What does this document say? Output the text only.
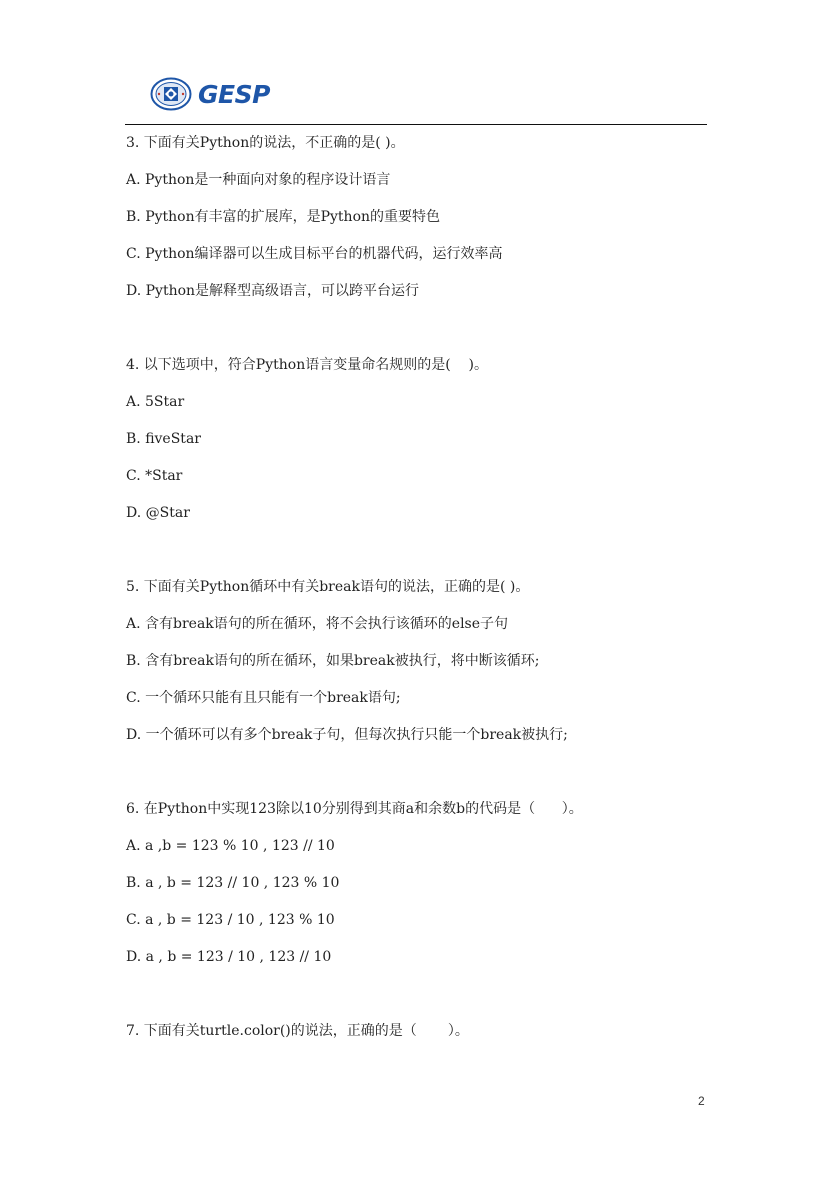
GESP
3. 下面有关Python的说法，不正确的是( )。
A. Python是一种面向对象的程序设计语言
B. Python有丰富的扩展库，是Python的重要特色
C. Python编译器可以生成目标平台的机器代码，运行效率高
D. Python是解释型高级语言，可以跨平台运行
4. 以下选项中，符合Python语言变量命名规则的是(    )。
A. 5Star
B. fiveStar
C. *Star
D. @Star
5. 下面有关Python循环中有关break语句的说法，正确的是( )。
A. 含有break语句的所在循环，将不会执行该循环的else子句
B. 含有break语句的所在循环，如果break被执行，将中断该循环;
C. 一个循环只能有且只能有一个break语句;
D. 一个循环可以有多个break子句，但每次执行只能一个break被执行;
6. 在Python中实现123除以10分别得到其商a和余数b的代码是（      ）。
A. a ,b = 123 % 10 , 123 // 10
B. a , b = 123 // 10 , 123 % 10
C. a , b = 123 / 10 , 123 % 10
D. a , b = 123 / 10 , 123 // 10
7. 下面有关turtle.color()的说法，正确的是（       ）。
2
